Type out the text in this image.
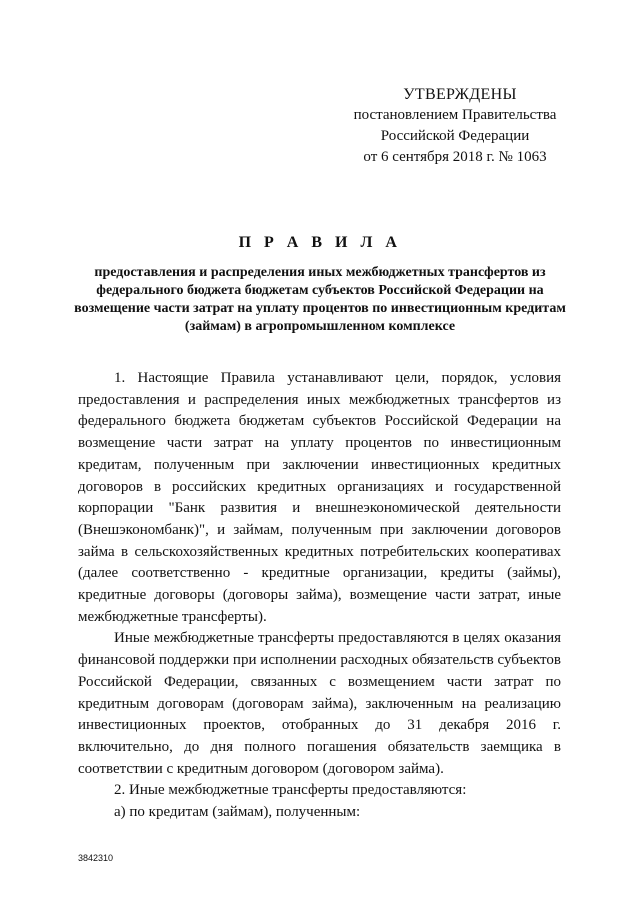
УТВЕРЖДЕНЫ
постановлением Правительства
Российской Федерации
от 6 сентября 2018 г. № 1063
П Р А В И Л А
предоставления и распределения иных межбюджетных трансфертов из федерального бюджета бюджетам субъектов Российской Федерации на возмещение части затрат на уплату процентов по инвестиционным кредитам (займам) в агропромышленном комплексе

1. Настоящие Правила устанавливают цели, порядок, условия предоставления и распределения иных межбюджетных трансфертов из федерального бюджета бюджетам субъектов Российской Федерации на возмещение части затрат на уплату процентов по инвестиционным кредитам, полученным при заключении инвестиционных кредитных договоров в российских кредитных организациях и государственной корпорации "Банк развития и внешнеэкономической деятельности (Внешэкономбанк)", и займам, полученным при заключении договоров займа в сельскохозяйственных кредитных потребительских кооперативах (далее соответственно - кредитные организации, кредиты (займы), кредитные договоры (договоры займа), возмещение части затрат, иные межбюджетные трансферты).

Иные межбюджетные трансферты предоставляются в целях оказания финансовой поддержки при исполнении расходных обязательств субъектов Российской Федерации, связанных с возмещением части затрат по кредитным договорам (договорам займа), заключенным на реализацию инвестиционных проектов, отобранных до 31 декабря 2016 г. включительно, до дня полного погашения обязательств заемщика в соответствии с кредитным договором (договором займа).

2. Иные межбюджетные трансферты предоставляются:

а) по кредитам (займам), полученным:

3842310
